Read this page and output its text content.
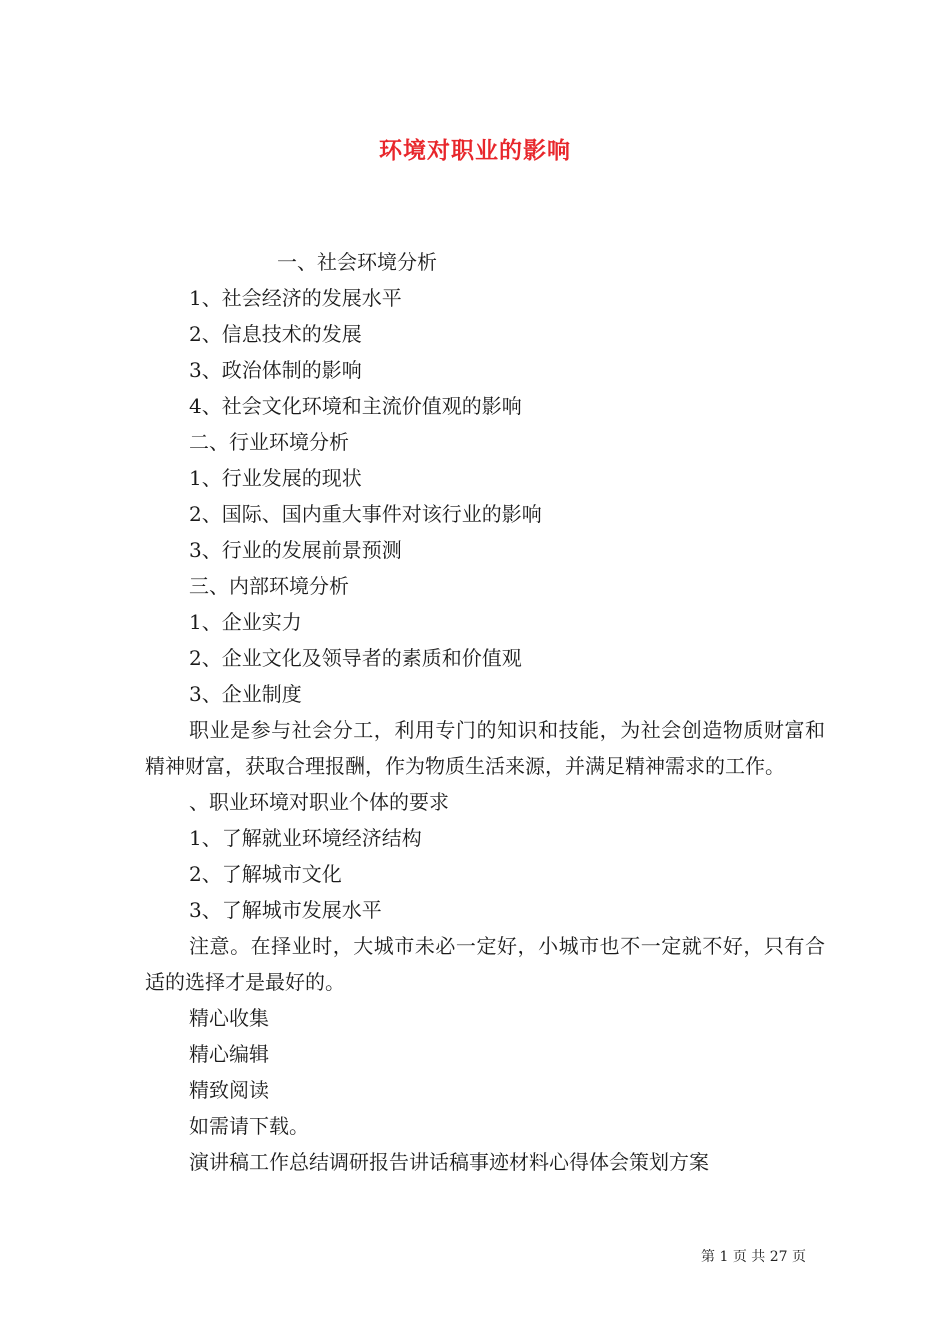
环境对职业的影响

一、社会环境分析

1、社会经济的发展水平

2、信息技术的发展

3、政治体制的影响

4、社会文化环境和主流价值观的影响

二、行业环境分析

1、行业发展的现状

2、国际、国内重大事件对该行业的影响

3、行业的发展前景预测

三、内部环境分析

1、企业实力

2、企业文化及领导者的素质和价值观

3、企业制度

职业是参与社会分工，利用专门的知识和技能，为社会创造物质财富和精神财富，获取合理报酬，作为物质生活来源，并满足精神需求的工作。

、职业环境对职业个体的要求

1、了解就业环境经济结构

2、了解城市文化

3、了解城市发展水平

注意。在择业时，大城市未必一定好，小城市也不一定就不好，只有合适的选择才是最好的。

精心收集

精心编辑

精致阅读

如需请下载。

演讲稿工作总结调研报告讲话稿事迹材料心得体会策划方案

第 1 页 共 27 页
